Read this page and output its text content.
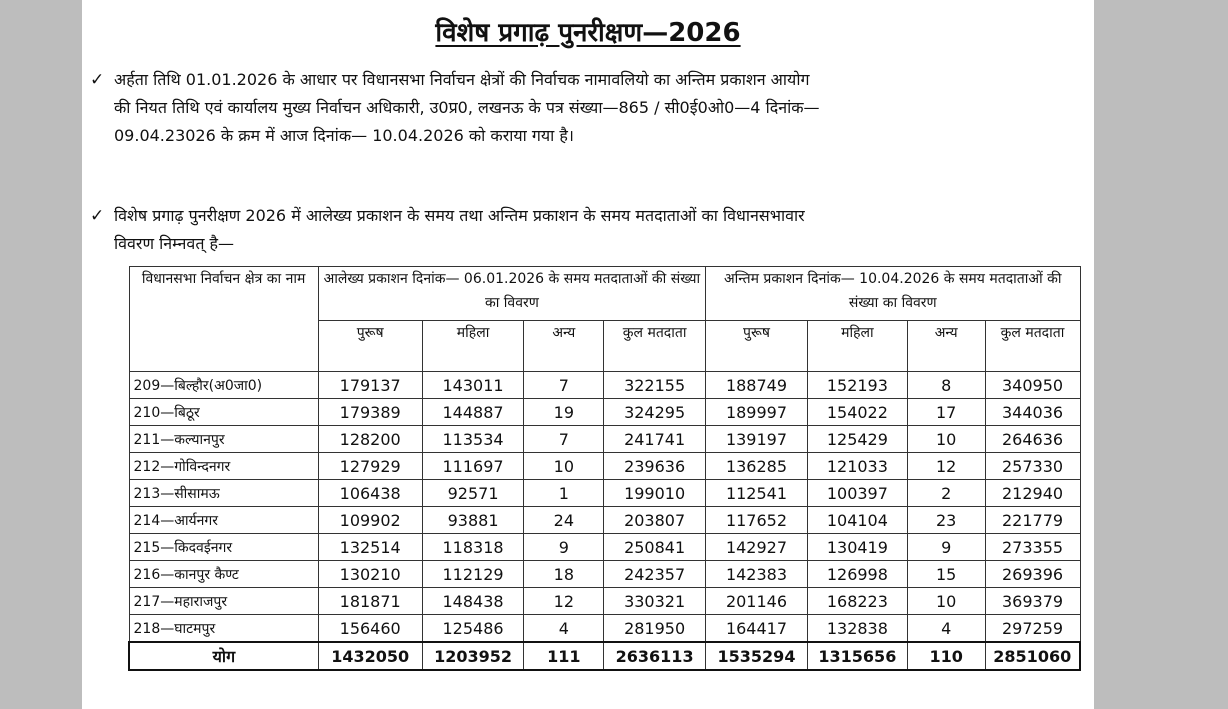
विशेष प्रगाढ़ पुनरीक्षण—2026
✓ अर्हता तिथि 01.01.2026 के आधार पर विधानसभा निर्वाचन क्षेत्रों की निर्वाचक नामावलियो का अन्तिम प्रकाशन आयोग
की नियत तिथि एवं कार्यालय मुख्य निर्वाचन अधिकारी, उ0प्र0, लखनऊ के पत्र संख्या—865 / सी0ई0ओ0—4 दिनांक—
09.04.23026 के क्रम में आज दिनांक— 10.04.2026 को कराया गया है।
✓ विशेष प्रगाढ़ पुनरीक्षण 2026 में आलेख्य प्रकाशन के समय तथा अन्तिम प्रकाशन के समय मतदाताओं का विधानसभावार
विवरण निम्नवत् है—
विधानसभा निर्वाचन क्षेत्र का नाम	आलेख्य प्रकाशन दिनांक— 06.01.2026 के समय मतदाताओं की संख्या का विवरण				अन्तिम प्रकाशन दिनांक— 10.04.2026 के समय मतदाताओं की संख्या का विवरण			
	पुरूष	महिला	अन्य	कुल मतदाता	पुरूष	महिला	अन्य	कुल मतदाता
209—बिल्हौर(अ0जा0)	179137	143011	7	322155	188749	152193	8	340950
210—बिठूर	179389	144887	19	324295	189997	154022	17	344036
211—कल्यानपुर	128200	113534	7	241741	139197	125429	10	264636
212—गोविन्दनगर	127929	111697	10	239636	136285	121033	12	257330
213—सीसामऊ	106438	92571	1	199010	112541	100397	2	212940
214—आर्यनगर	109902	93881	24	203807	117652	104104	23	221779
215—किदवईनगर	132514	118318	9	250841	142927	130419	9	273355
216—कानपुर कैण्ट	130210	112129	18	242357	142383	126998	15	269396
217—महाराजपुर	181871	148438	12	330321	201146	168223	10	369379
218—घाटमपुर	156460	125486	4	281950	164417	132838	4	297259
योग	1432050	1203952	111	2636113	1535294	1315656	110	2851060
